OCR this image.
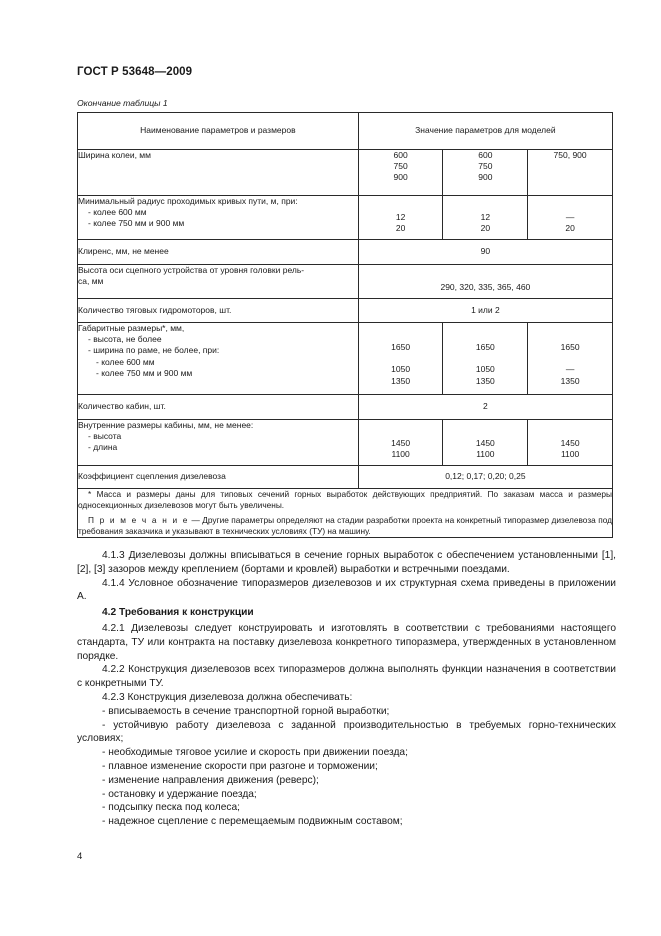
ГОСТ Р 53648—2009
Окончание таблицы 1
Наименование параметров и размеров	Значение параметров для моделей		
Ширина колеи, мм	600
750
900	600
750
900	750, 900

Минимальный радиус проходимых кривых пути, м, при:
- колее 600 мм
- колее 750 мм и 900 мм	12
20	12
20	—
20

Клиренс, мм, не менее	90		

Высота оси сцепного устройства от уровня головки рель-
са, мм	290, 320, 335, 365, 460		
Количество тяговых гидромоторов, шт.	1 или 2		

Габаритные размеры*, мм,
- высота, не более
- ширина по раме, не более, при:
- колее 600 мм
- колее 750 мм и 900 мм	1650

1050
1350	1650

1050
1350	1650

—
1350

Количество кабин, шт.	2		

Внутренние размеры кабины, мм, не менее:
- высота
- длина	1450
1100	1450
1100	1450
1100

Коэффициент сцепления дизелевоза	0,12; 0,17; 0,20; 0,25		

* Масса и размеры даны для типовых сечений горных выработок действующих предприятий. По заказам масса и размеры односекционных дизелевозов могут быть увеличены.
П р и м е ч а н и е — Другие параметры определяют на стадии разработки проекта на конкретный типоразмер дизелевоза под требования заказчика и указывают в технических условиях (ТУ) на машину.			

4.1.3 Дизелевозы должны вписываться в сечение горных выработок с обеспечением установленными [1], [2], [3] зазоров между креплением (бортами и кровлей) выработки и встречными поездами.

4.1.4 Условное обозначение типоразмеров дизелевозов и их структурная схема приведены в приложении А.

4.2 Требования к конструкции

4.2.1 Дизелевозы следует конструировать и изготовлять в соответствии с требованиями настоящего стандарта, ТУ или контракта на поставку дизелевоза конкретного типоразмера, утвержденных в установленном порядке.

4.2.2 Конструкция дизелевозов всех типоразмеров должна выполнять функции назначения в соответствии с конкретными ТУ.

4.2.3 Конструкция дизелевоза должна обеспечивать:

- вписываемость в сечение транспортной горной выработки;

- устойчивую работу дизелевоза с заданной производительностью в требуемых горно-технических условиях;

- необходимые тяговое усилие и скорость при движении поезда;

- плавное изменение скорости при разгоне и торможении;

- изменение направления движения (реверс);

- остановку и удержание поезда;

- подсыпку песка под колеса;

- надежное сцепление с перемещаемым подвижным составом;

4
